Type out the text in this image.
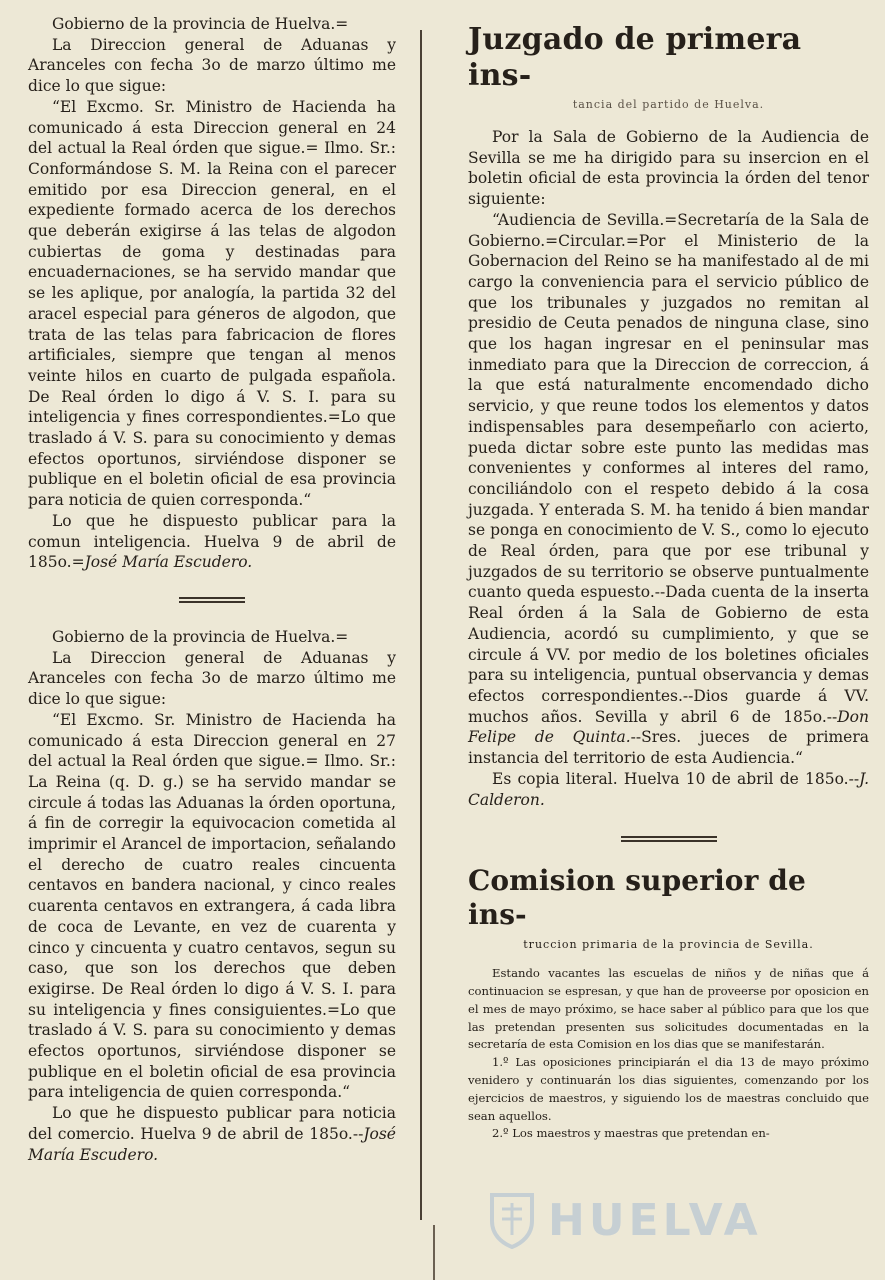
Gobierno de la provincia de Huelva.=

La Direccion general de Aduanas y Aranceles con fecha 3o de marzo último me dice lo que sigue:

“El Excmo. Sr. Ministro de Hacienda ha comunicado á esta Direccion general en 24 del actual la Real órden que sigue.= Ilmo. Sr.: Conformándose S. M. la Reina con el parecer emitido por esa Direccion general, en el expediente formado acerca de los derechos que deberán exigirse á las telas de algodon cubiertas de goma y destinadas para encuadernaciones, se ha servido mandar que se les aplique, por analogía, la partida 32 del aracel especial para géneros de algodon, que trata de las telas para fabricacion de flores artificiales, siempre que tengan al menos veinte hilos en cuarto de pulgada española. De Real órden lo digo á V. S. I. para su inteligencia y fines correspondientes.=Lo que traslado á V. S. para su conocimiento y demas efectos oportunos, sirviéndose disponer se publique en el boletin oficial de esa provincia para noticia de quien corresponda.“

Lo que he dispuesto publicar para la comun inteligencia. Huelva 9 de abril de 185o.=José María Escudero.

Gobierno de la provincia de Huelva.=

La Direccion general de Aduanas y Aranceles con fecha 3o de marzo último me dice lo que sigue:

“El Excmo. Sr. Ministro de Hacienda ha comunicado á esta Direccion general en 27 del actual la Real órden que sigue.= Ilmo. Sr.: La Reina (q. D. g.) se ha servido mandar se circule á todas las Aduanas la órden oportuna, á fin de corregir la equivocacion cometida al imprimir el Arancel de importacion, señalando el derecho de cuatro reales cincuenta centavos en bandera nacional, y cinco reales cuarenta centavos en extrangera, á cada libra de coca de Levante, en vez de cuarenta y cinco y cincuenta y cuatro centavos, segun su caso, que son los derechos que deben exigirse. De Real órden lo digo á V. S. I. para su inteligencia y fines consiguientes.=Lo que traslado á V. S. para su conocimiento y demas efectos oportunos, sirviéndose disponer se publique en el boletin oficial de esa provincia para inteligencia de quien corresponda.“

Lo que he dispuesto publicar para noticia del comercio. Huelva 9 de abril de 185o.--José María Escudero.

Juzgado de primera ins-
tancia del partido de Huelva.

Por la Sala de Gobierno de la Audiencia de Sevilla se me ha dirigido para su insercion en el boletin oficial de esta provincia la órden del tenor siguiente:

“Audiencia de Sevilla.=Secretaría de la Sala de Gobierno.=Circular.=Por el Ministerio de la Gobernacion del Reino se ha manifestado al de mi cargo la conveniencia para el servicio público de que los tribunales y juzgados no remitan al presidio de Ceuta penados de ninguna clase, sino que los hagan ingresar en el peninsular mas inmediato para que la Direccion de correccion, á la que está naturalmente encomendado dicho servicio, y que reune todos los elementos y datos indispensables para desempeñarlo con acierto, pueda dictar sobre este punto las medidas mas convenientes y conformes al interes del ramo, conciliándolo con el respeto debido á la cosa juzgada. Y enterada S. M. ha tenido á bien mandar se ponga en conocimiento de V. S., como lo ejecuto de Real órden, para que por ese tribunal y juzgados de su territorio se observe puntualmente cuanto queda espuesto.--Dada cuenta de la inserta Real órden á la Sala de Gobierno de esta Audiencia, acordó su cumplimiento, y que se circule á VV. por medio de los boletines oficiales para su inteligencia, puntual observancia y demas efectos correspondientes.--Dios guarde á VV. muchos años. Sevilla y abril 6 de 185o.--Don Felipe de Quinta.--Sres. jueces de primera instancia del territorio de esta Audiencia.“

Es copia literal. Huelva 10 de abril de 185o.--J. Calderon.

Comision superior de ins-
truccion primaria de la provincia de Sevilla.

Estando vacantes las escuelas de niños y de niñas que á continuacion se espresan, y que han de proveerse por oposicion en el mes de mayo próximo, se hace saber al público para que los que las pretendan presenten sus solicitudes documentadas en la secretaría de esta Comision en los dias que se manifestarán.

1.º Las oposiciones principiarán el dia 13 de mayo próximo venidero y continuarán los dias siguientes, comenzando por los ejercicios de maestros, y siguiendo los de maestras concluido que sean aquellos.

2.º Los maestros y maestras que pretendan en-

HUELVA
